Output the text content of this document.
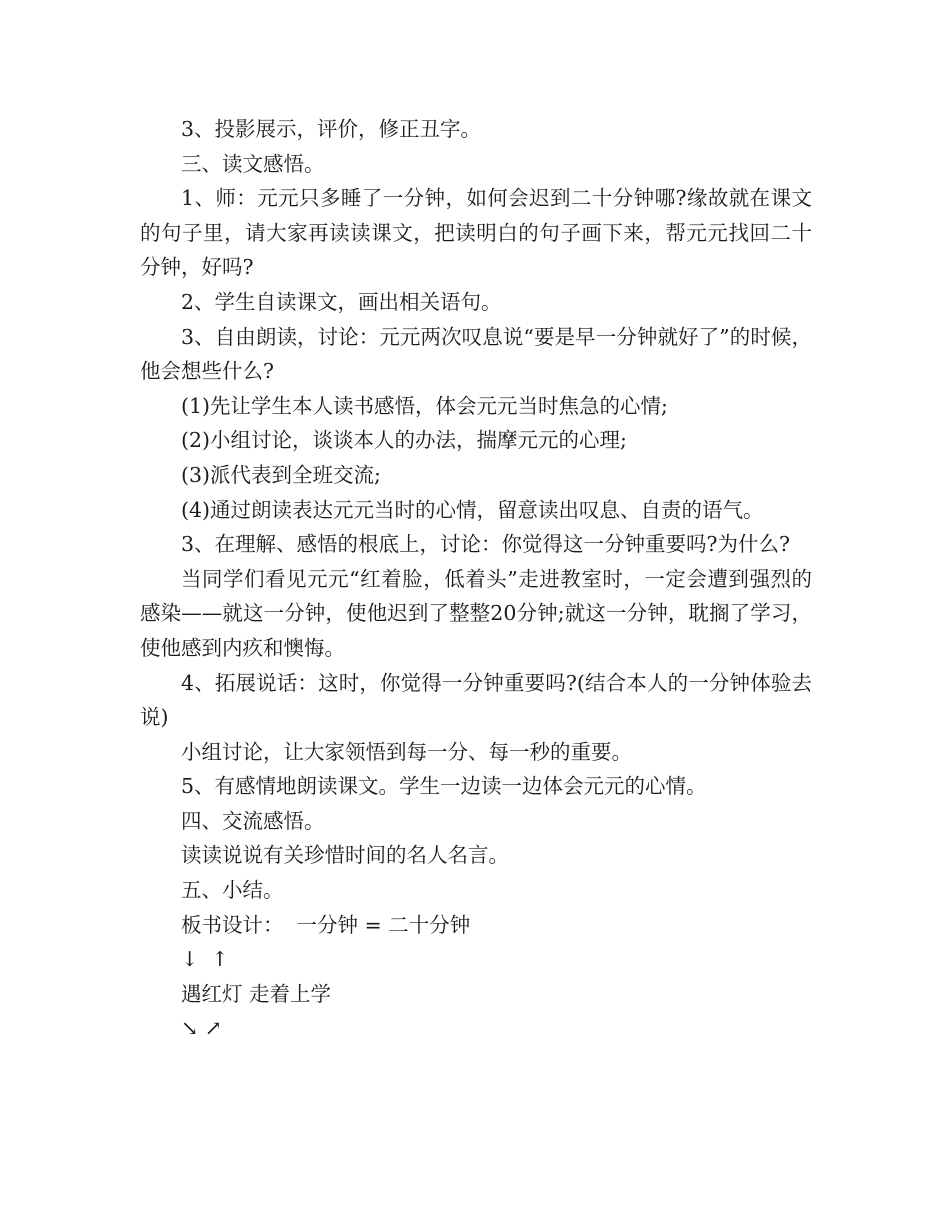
3、投影展示，评价，修正丑字。

三、读文感悟。

1、师：元元只多睡了一分钟，如何会迟到二十分钟哪?缘故就在课文的句子里，请大家再读读课文，把读明白的句子画下来，帮元元找回二十分钟，好吗?

2、学生自读课文，画出相关语句。

3、自由朗读，讨论：元元两次叹息说“要是早一分钟就好了”的时候，他会想些什么?

(1)先让学生本人读书感悟，体会元元当时焦急的心情;

(2)小组讨论，谈谈本人的办法，揣摩元元的心理;

(3)派代表到全班交流;

(4)通过朗读表达元元当时的心情，留意读出叹息、自责的语气。

3、在理解、感悟的根底上，讨论：你觉得这一分钟重要吗?为什么?

当同学们看见元元“红着脸，低着头”走进教室时，一定会遭到强烈的感染——就这一分钟，使他迟到了整整20分钟;就这一分钟，耽搁了学习，使他感到内疚和懊悔。

4、拓展说话：这时，你觉得一分钟重要吗?(结合本人的一分钟体验去说)

小组讨论，让大家领悟到每一分、每一秒的重要。

5、有感情地朗读课文。学生一边读一边体会元元的心情。

四、交流感悟。

读读说说有关珍惜时间的名人名言。

五、小结。

板书设计：  一分钟 = 二十分钟

↓  ↑

遇红灯 走着上学

↘ ↗
